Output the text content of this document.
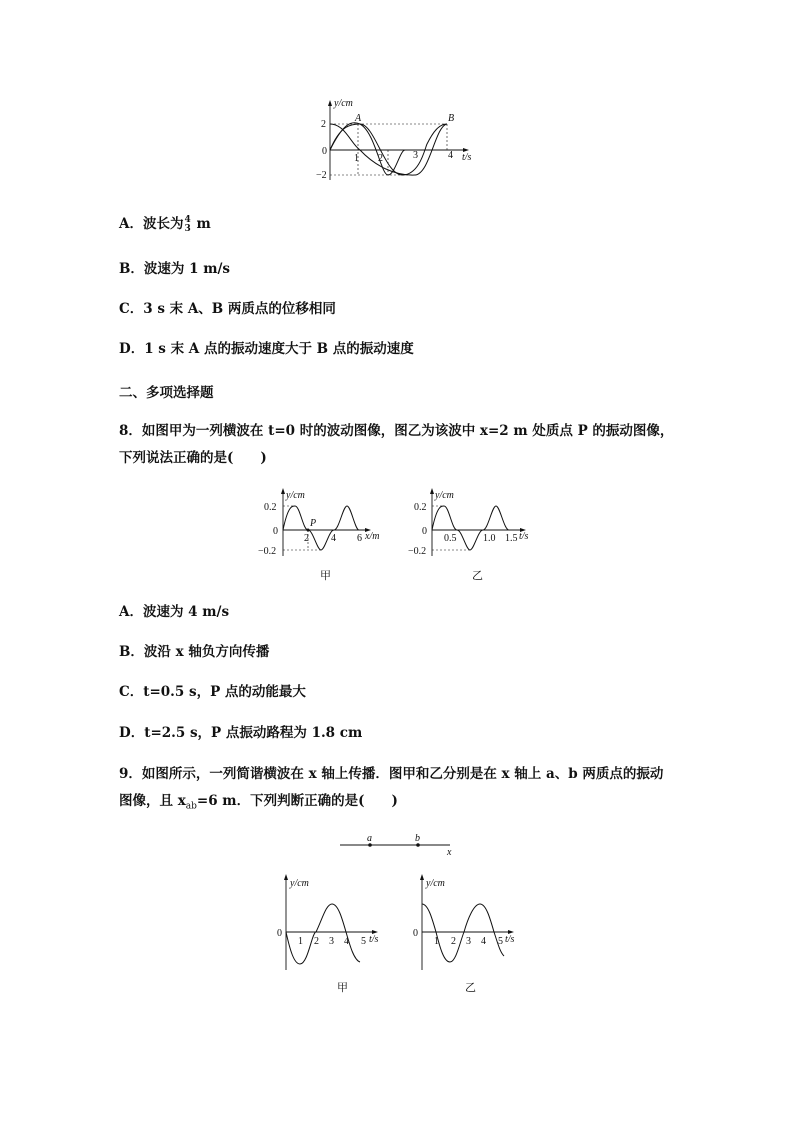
y/cm
t/s
2
0
−2
1 2	3	4
A	B
A．波长为 4
3 m
B．波速为 1 m/s
C．3 s 末 A、B 两质点的位移相同
D．1 s 末 A 点的振动速度大于 B 点的振动速度
二、多项选择题
8．如图甲为一列横波在 t=0 时的波动图像，图乙为该波中 x=2 m 处质点 P 的振动图像，
下列说法正确的是(　　)
y/cm
x/m
0.2
0
−0.2
2 4 6
P
甲
y/cm
t/s
0.2
0
−0.2
0.5	1.0 1.5
乙
A．波速为 4 m/s
B．波沿 x 轴负方向传播
C．t=0.5 s，P 点的动能最大
D．t=2.5 s，P 点振动路程为 1.8 cm
9．如图所示，一列简谐横波在 x 轴上传播．图甲和乙分别是在 x 轴上 a、b 两质点的振动
图像，且 $x_{ab}=6$ m．下列判断正确的是(　　)
a	b
x
y/cm
t/s
0
1 2 3 4 5
甲
y/cm
t/s
0
1 2 3 4 5
乙
